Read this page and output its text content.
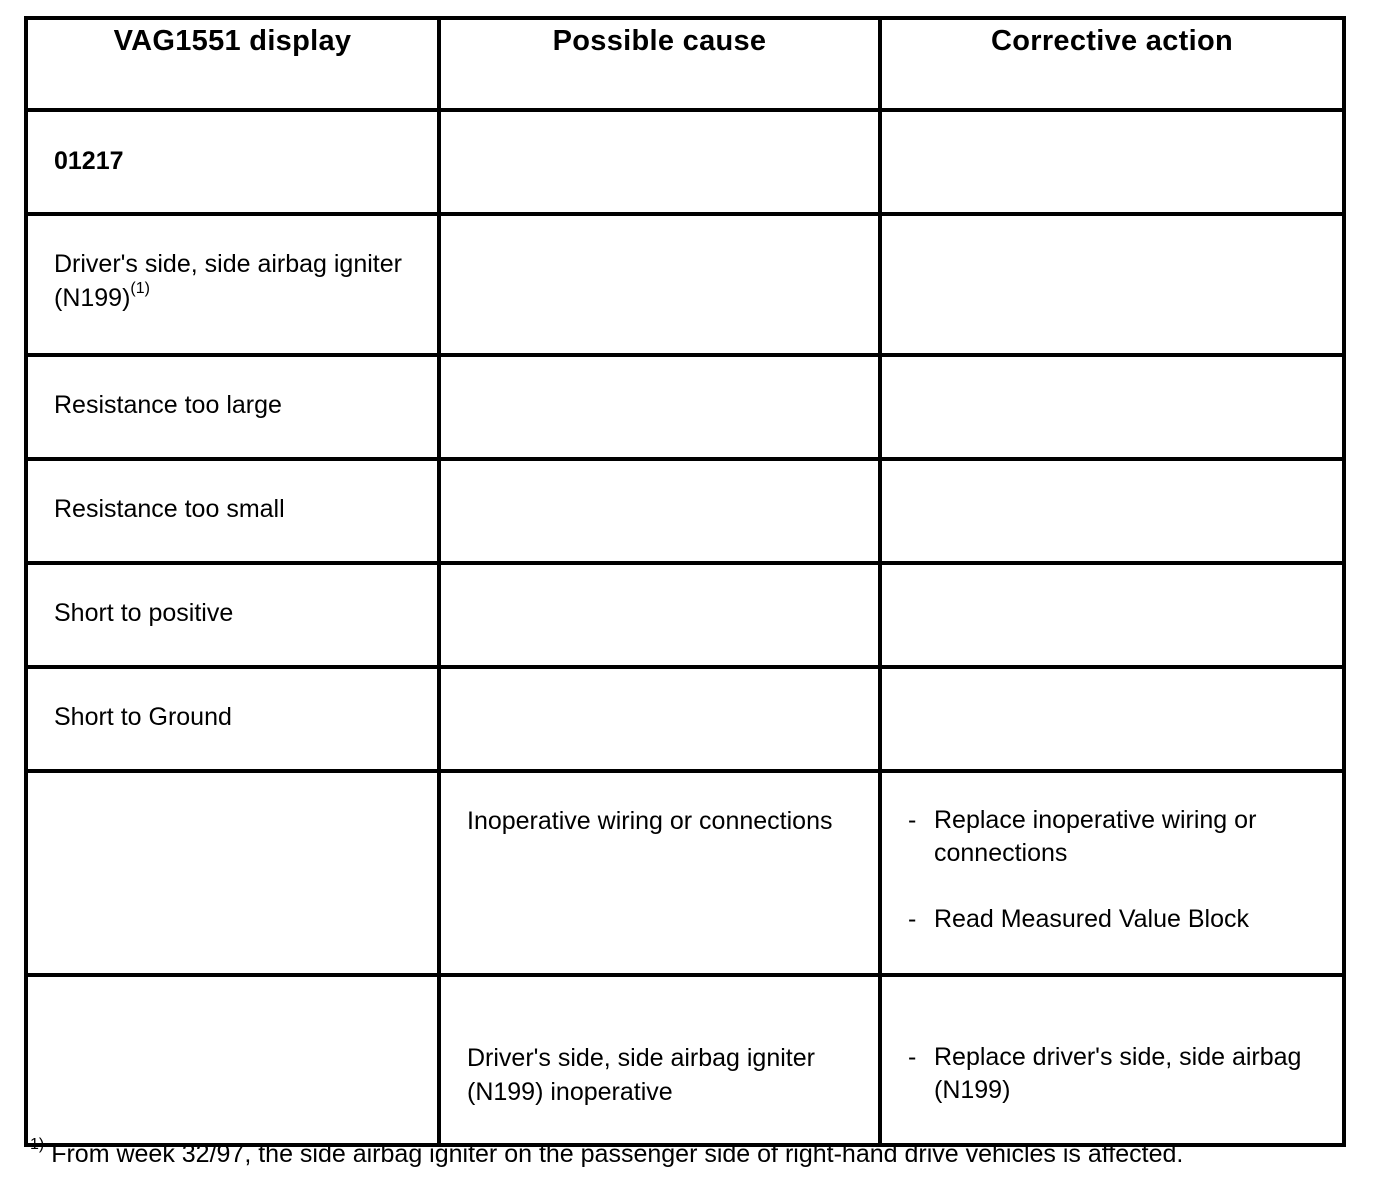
VAG1551 display	Possible cause	Corrective action

01217		

Driver's side, side airbag igniter (N199)$^{(1)}$

Resistance too large		

Resistance too small		

Short to positive		

Short to Ground		

	Inoperative wiring or connections	- Replace inoperative wiring or connections
- Read Measured Value Block

	Driver's side, side airbag igniter (N199) inoperative	- Replace driver's side, side airbag (N199)
$^{1)}$ From week 32/97, the side airbag igniter on the passenger side of right-hand drive vehicles is affected.
